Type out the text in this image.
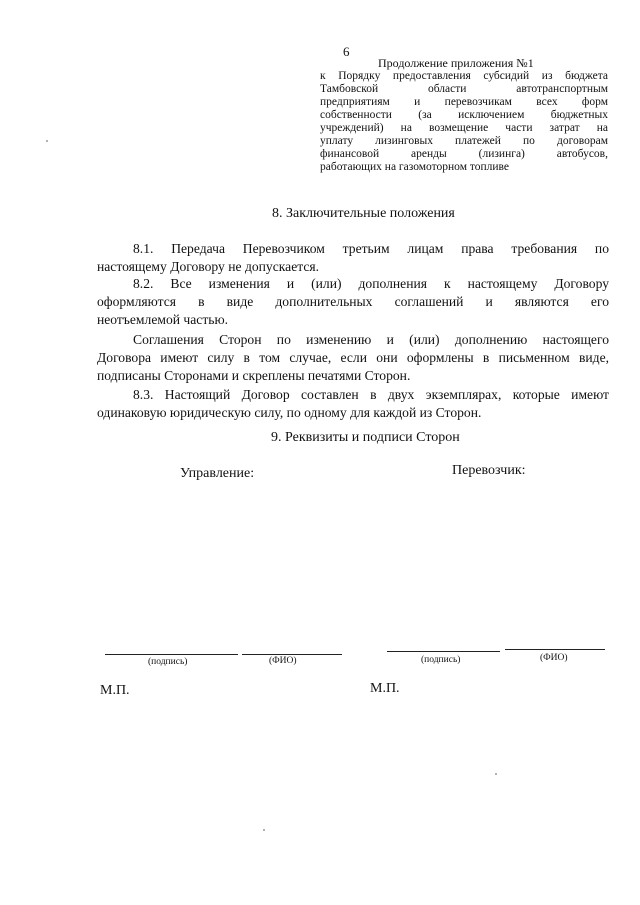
6
Продолжение приложения №1
к Порядку предоставления субсидий из бюджета
Тамбовской области автотранспортным
предприятиям и перевозчикам всех форм
собственности (за исключением бюджетных
учреждений) на возмещение части затрат на
уплату лизинговых платежей по договорам
финансовой аренды (лизинга) автобусов,
работающих на газомоторном топливе
8. Заключительные положения
8.1. Передача Перевозчиком третьим лицам права требования по
настоящему Договору не допускается.
8.2. Все изменения и (или) дополнения к настоящему Договору
оформляются в виде дополнительных соглашений и являются его
неотъемлемой частью.
Соглашения Сторон по изменению и (или) дополнению настоящего
Договора имеют силу в том случае, если они оформлены в письменном виде,
подписаны Сторонами и скреплены печатями Сторон.
8.3. Настоящий Договор составлен в двух экземплярах, которые имеют
одинаковую юридическую силу, по одному для каждой из Сторон.
9. Реквизиты и подписи Сторон
Управление:	Перевозчик:
(подпись)	(ФИО)	(подпись)	(ФИО)
М.П.	М.П.
